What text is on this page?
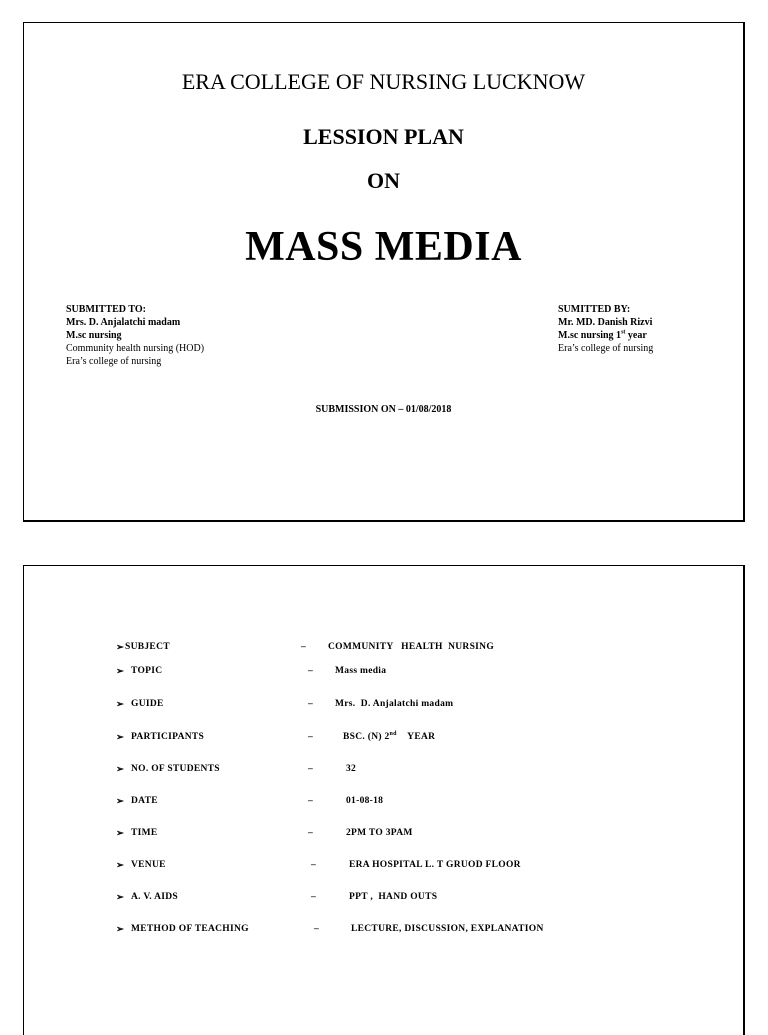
ERA COLLEGE OF NURSING LUCKNOW
LESSION PLAN
ON
MASS MEDIA
SUBMITTED TO:
Mrs. D. Anjalatchi madam
M.sc nursing
Community health nursing (HOD)
Era’s college of nursing
SUMITTED BY:
Mr. MD. Danish Rizvi
M.sc nursing 1st year
Era’s college of nursing
SUBMISSION ON – 01/08/2018
➢ SUBJECT	– COMMUNITY   HEALTH  NURSING
➢ TOPIC	– Mass media
➢ GUIDE	– Mrs.  D. Anjalatchi madam
➢ PARTICIPANTS	–	BSC. (N) 2nd    YEAR
➢ NO. OF STUDENTS	–	32
➢ DATE	–	01-08-18
➢ TIME	–	2PM TO 3PAM
➢ VENUE	–	ERA HOSPITAL L. T GRUOD FLOOR
➢ A. V. AIDS	–	PPT ,  HAND OUTS
➢ METHOD OF TEACHING	–	LECTURE, DISCUSSION, EXPLANATION
